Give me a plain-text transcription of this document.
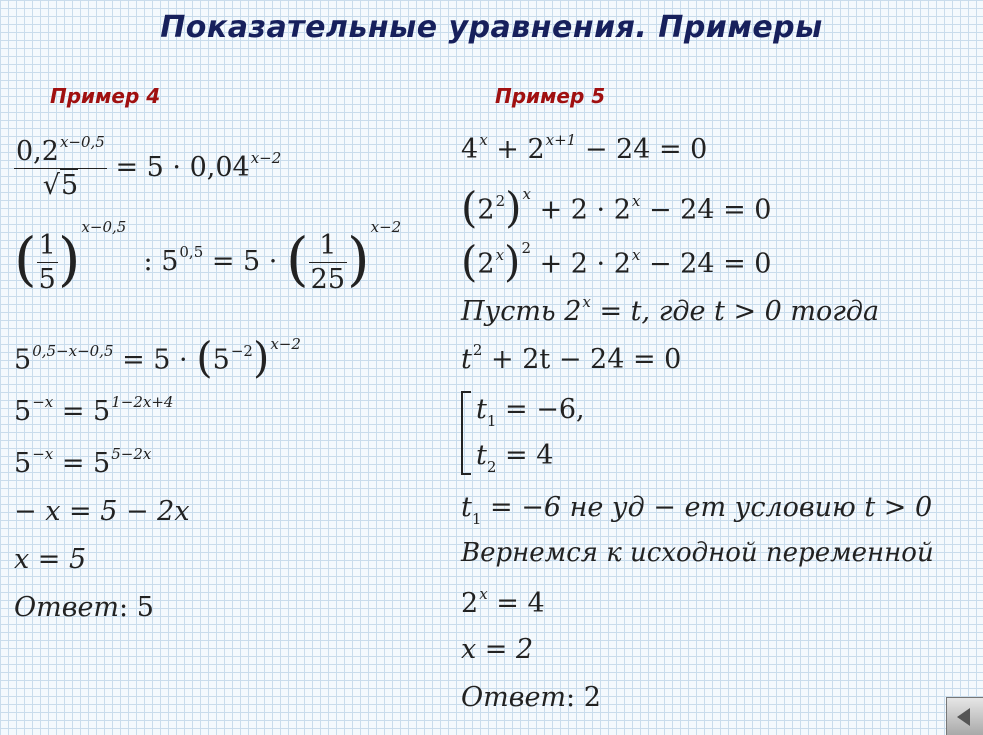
Показательные уравнения. Примеры
Пример 4	Пример 5
$\frac{0,2^{x-0,5}}{√5} = 5 \cdot 0,04^{x-2}$
( $\frac{1}{5} )^{x-0,5}$  : $5^{0,5} = 5$ · ( $\frac{1}{25} )^{x-2}$
$5^{0,5-x-0,5} = 5 \cdot (5^{-2})^{x-2}$
$5^{-x} = 5^{1-2x+4}$
$5^{-x} = 5^{5-2x}$
− x = 5 − 2x
x = 5
Ответ: 5
$4^x + 2^{x+1} - 24 = 0$
$(2^2)^x + 2 \cdot 2^x - 24 = 0$
$(2^x)^2 + 2 \cdot 2^x - 24 = 0$
Пусть $2^x = t$, где t > 0 тогда
$t^2 + 2t - 24 = 0$
$t_1 = -6$,
$t_2 = 4$
$t_1 = -6$ не уд − ет условию t > 0
Вернемся к исходной переменной
$2^x = 4$
x = 2
Ответ: 2
